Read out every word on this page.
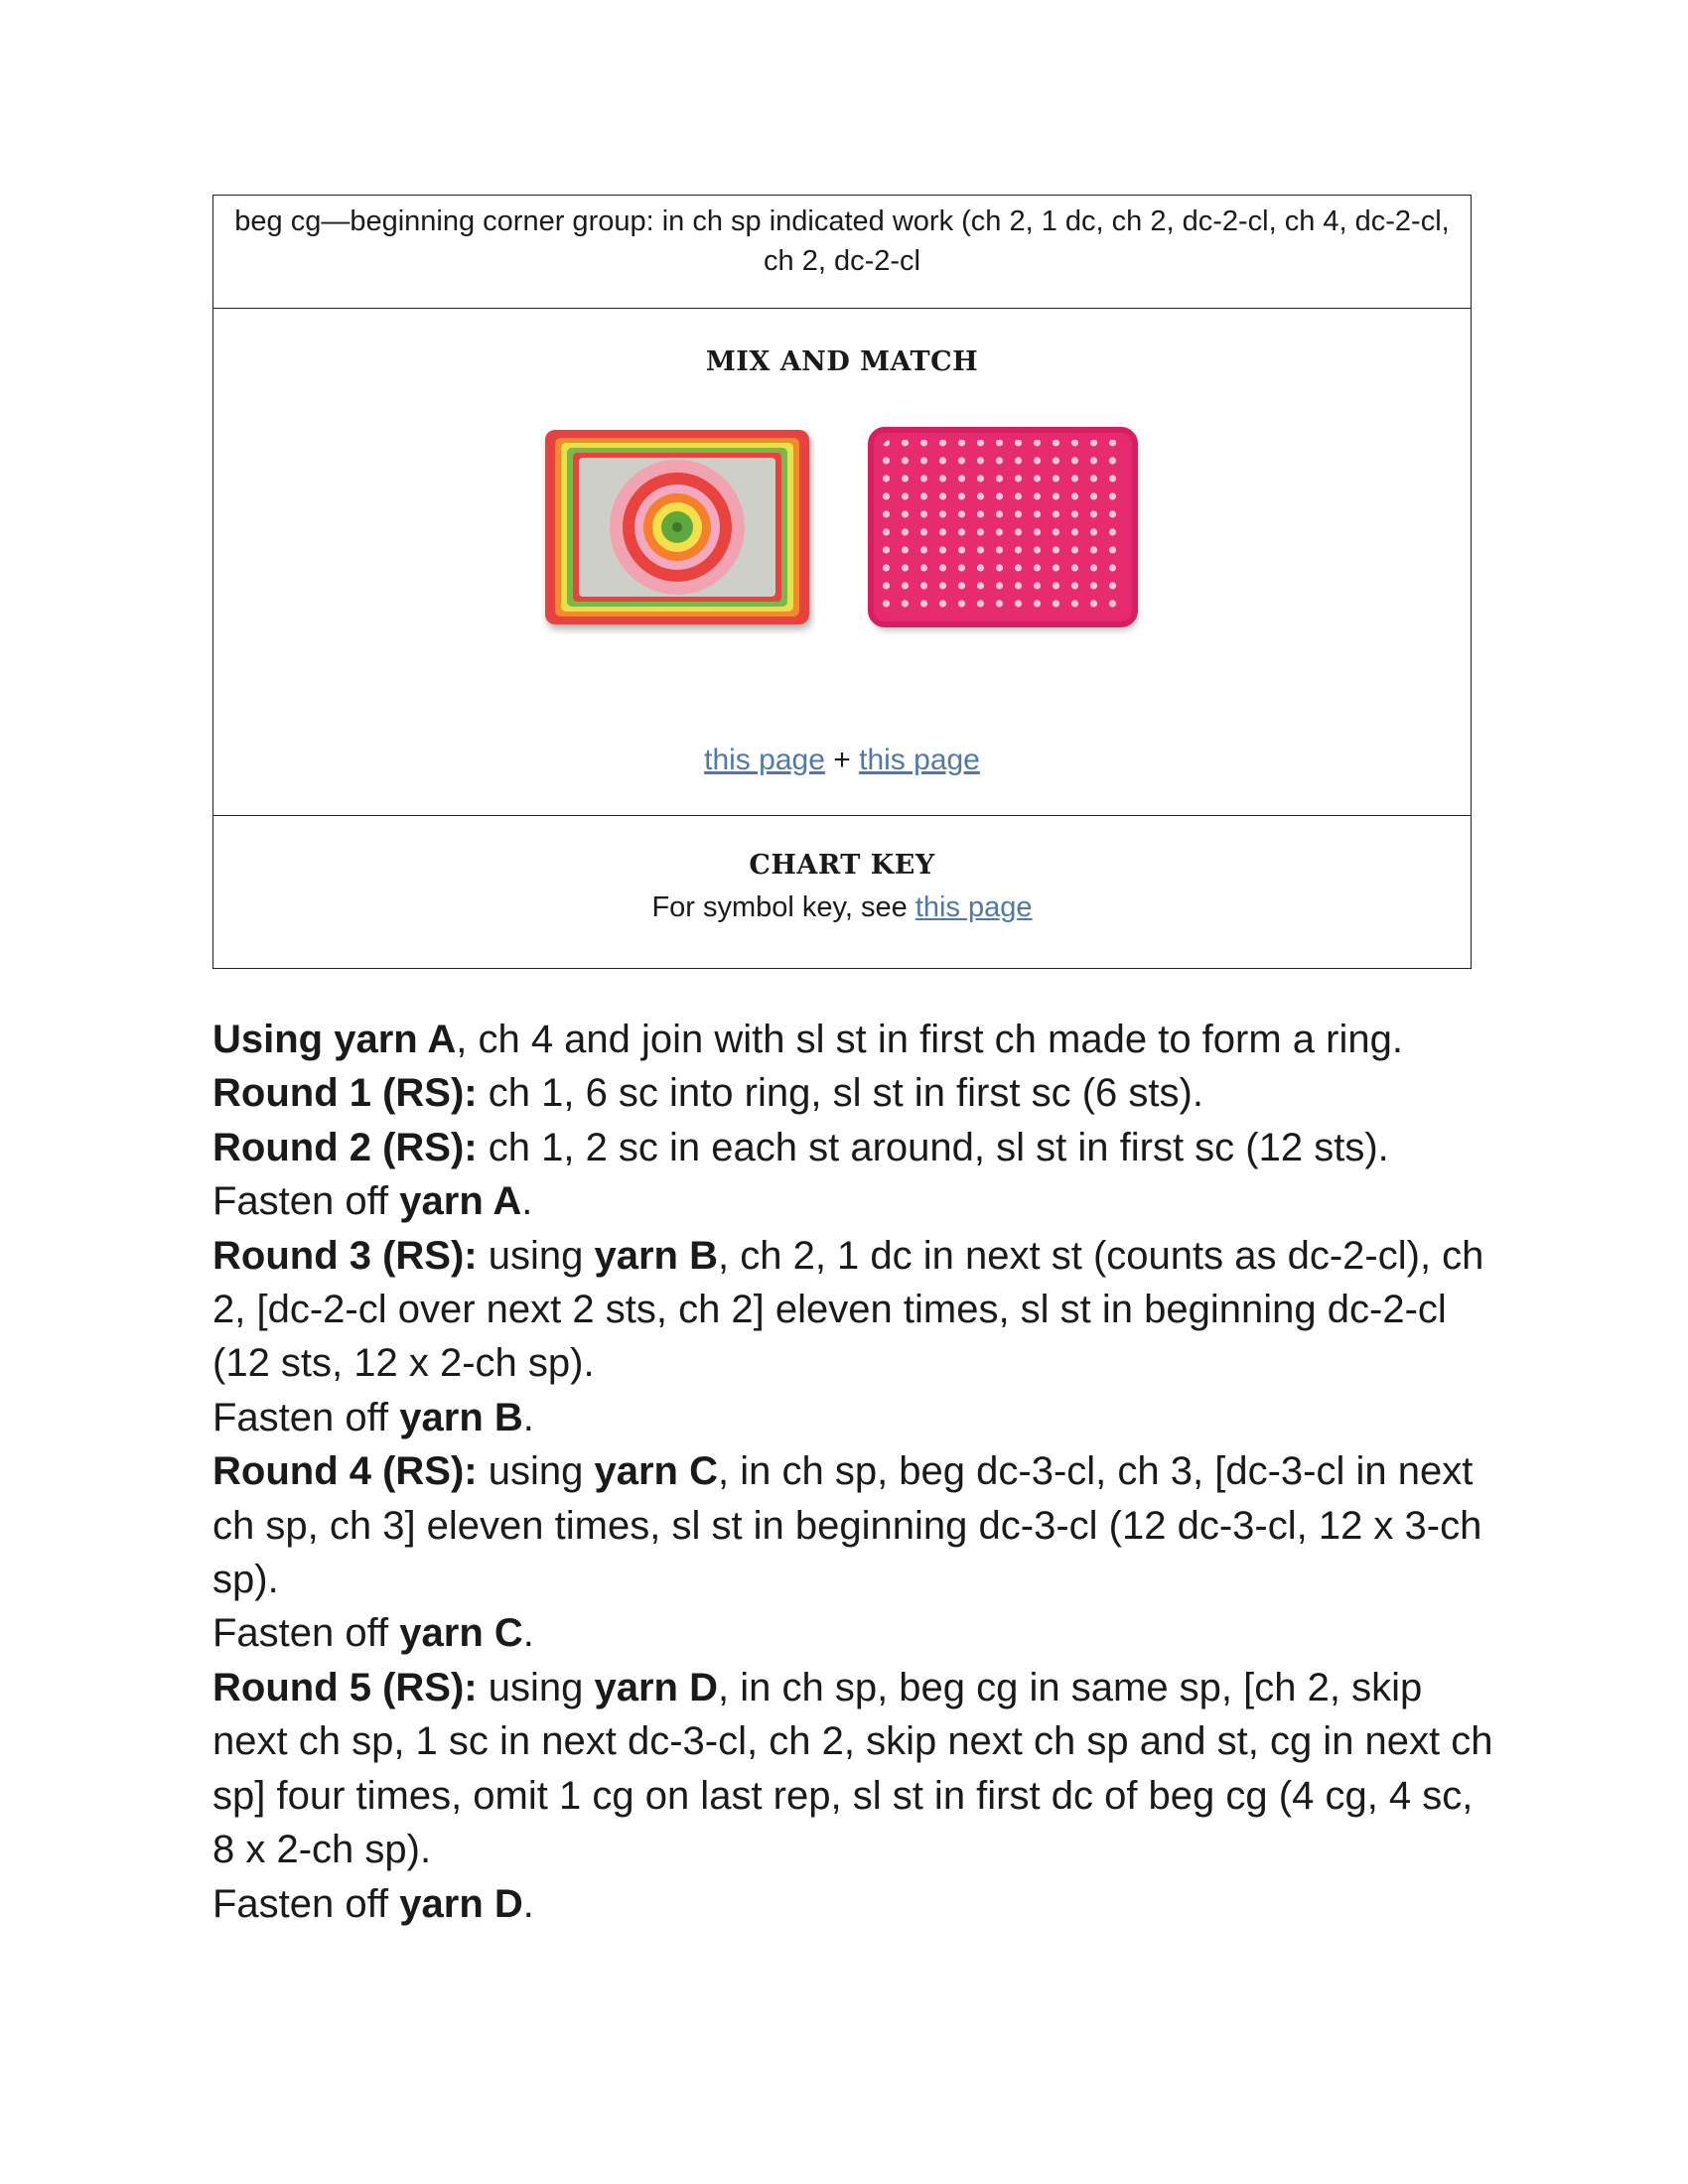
beg cg—beginning corner group: in ch sp indicated work (ch 2, 1 dc, ch 2, dc-2-cl, ch 4, dc-2-cl, ch 2, dc-2-cl
MIX AND MATCH
this page + this page
CHART KEY
For symbol key, see this page

Using yarn A, ch 4 and join with sl st in first ch made to form a ring.

Round 1 (RS): ch 1, 6 sc into ring, sl st in first sc (6 sts).

Round 2 (RS): ch 1, 2 sc in each st around, sl st in first sc (12 sts).

Fasten off yarn A.

Round 3 (RS): using yarn B, ch 2, 1 dc in next st (counts as dc-2-cl), ch 2, [dc-2-cl over next 2 sts, ch 2] eleven times, sl st in beginning dc-2-cl (12 sts, 12 x 2-ch sp).

Fasten off yarn B.

Round 4 (RS): using yarn C, in ch sp, beg dc-3-cl, ch 3, [dc-3-cl in next ch sp, ch 3] eleven times, sl st in beginning dc-3-cl (12 dc-3-cl, 12 x 3-ch sp).

Fasten off yarn C.

Round 5 (RS): using yarn D, in ch sp, beg cg in same sp, [ch 2, skip next ch sp, 1 sc in next dc-3-cl, ch 2, skip next ch sp and st, cg in next ch sp] four times, omit 1 cg on last rep, sl st in first dc of beg cg (4 cg, 4 sc, 8 x 2-ch sp).

Fasten off yarn D.
